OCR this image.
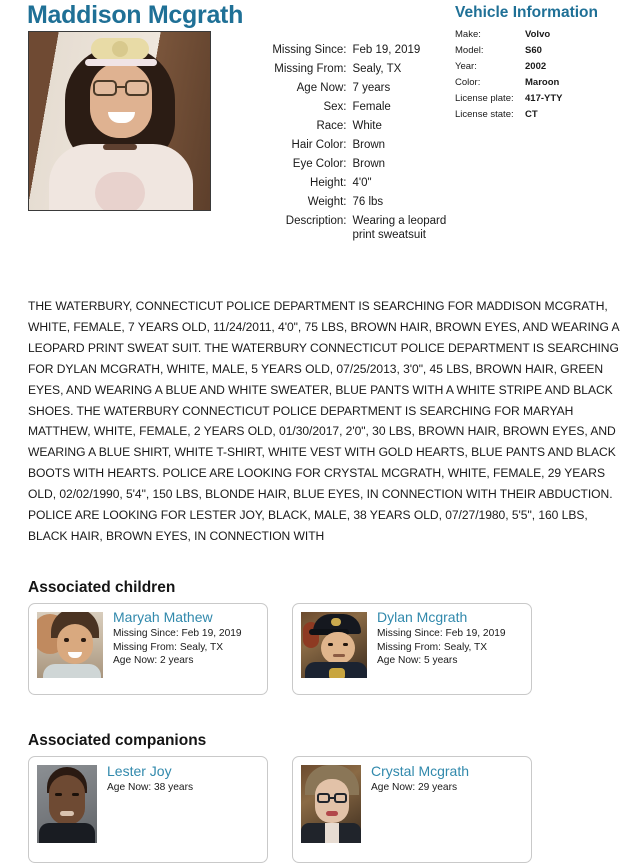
Maddison Mcgrath
Missing Since:	Feb 19, 2019
Missing From:	Sealy, TX
Age Now:	7 years
Sex:	Female
Race:	White
Hair Color:	Brown
Eye Color:	Brown
Height:	4'0"
Weight:	76 lbs
Description:	Wearing a leopard print sweatsuit
Vehicle Information
Make:	Volvo
Model:	S60
Year:	2002
Color:	Maroon
License plate:	417-YTY
License state:	CT
THE WATERBURY, CONNECTICUT POLICE DEPARTMENT IS SEARCHING FOR MADDISON MCGRATH, WHITE, FEMALE, 7 YEARS OLD, 11/24/2011, 4'0", 75 LBS, BROWN HAIR, BROWN EYES, AND WEARING A LEOPARD PRINT SWEAT SUIT. THE WATERBURY CONNECTICUT POLICE DEPARTMENT IS SEARCHING FOR DYLAN MCGRATH, WHITE, MALE, 5 YEARS OLD, 07/25/2013, 3'0", 45 LBS, BROWN HAIR, GREEN EYES, AND WEARING A BLUE AND WHITE SWEATER, BLUE PANTS WITH A WHITE STRIPE AND BLACK SHOES. THE WATERBURY CONNECTICUT POLICE DEPARTMENT IS SEARCHING FOR MARYAH MATTHEW, WHITE, FEMALE, 2 YEARS OLD, 01/30/2017, 2'0", 30 LBS, BROWN HAIR, BROWN EYES, AND WEARING A BLUE SHIRT, WHITE T-SHIRT, WHITE VEST WITH GOLD HEARTS, BLUE PANTS AND BLACK BOOTS WITH HEARTS. POLICE ARE LOOKING FOR CRYSTAL MCGRATH, WHITE, FEMALE, 29 YEARS OLD, 02/02/1990, 5'4", 150 LBS, BLONDE HAIR, BLUE EYES, IN CONNECTION WITH THEIR ABDUCTION. POLICE ARE LOOKING FOR LESTER JOY, BLACK, MALE, 38 YEARS OLD, 07/27/1980, 5'5", 160 LBS, BLACK HAIR, BROWN EYES, IN CONNECTION WITH
Associated children
Maryah Mathew
Missing Since: Feb 19, 2019
Missing From: Sealy, TX
Age Now: 2 years
Dylan Mcgrath
Missing Since: Feb 19, 2019
Missing From: Sealy, TX
Age Now: 5 years
Associated companions
Lester Joy
Age Now: 38 years
Crystal Mcgrath
Age Now: 29 years
